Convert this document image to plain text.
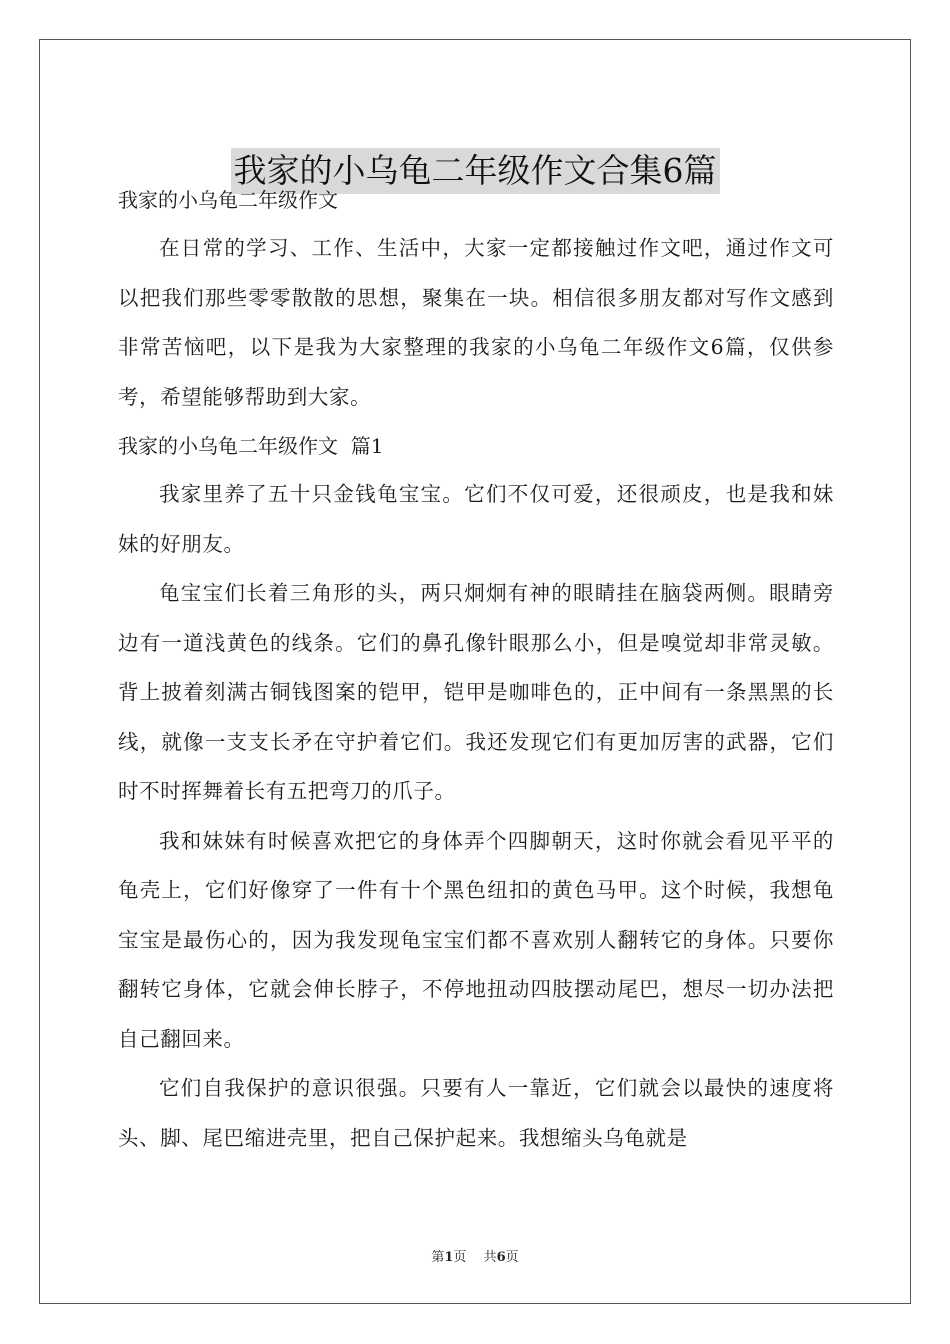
我家的小乌龟二年级作文合集6篇

我家的小乌龟二年级作文

在日常的学习、工作、生活中，大家一定都接触过作文吧，通过作文可以把我们那些零零散散的思想，聚集在一块。相信很多朋友都对写作文感到非常苦恼吧，以下是我为大家整理的我家的小乌龟二年级作文6篇，仅供参考，希望能够帮助到大家。

我家的小乌龟二年级作文  篇1

我家里养了五十只金钱龟宝宝。它们不仅可爱，还很顽皮，也是我和妹妹的好朋友。

龟宝宝们长着三角形的头，两只炯炯有神的眼睛挂在脑袋两侧。眼睛旁边有一道浅黄色的线条。它们的鼻孔像针眼那么小，但是嗅觉却非常灵敏。背上披着刻满古铜钱图案的铠甲，铠甲是咖啡色的，正中间有一条黑黑的长线，就像一支支长矛在守护着它们。我还发现它们有更加厉害的武器，它们时不时挥舞着长有五把弯刀的爪子。

我和妹妹有时候喜欢把它的身体弄个四脚朝天，这时你就会看见平平的龟壳上，它们好像穿了一件有十个黑色纽扣的黄色马甲。这个时候，我想龟宝宝是最伤心的，因为我发现龟宝宝们都不喜欢别人翻转它的身体。只要你翻转它身体，它就会伸长脖子，不停地扭动四肢摆动尾巴，想尽一切办法把自己翻回来。

它们自我保护的意识很强。只要有人一靠近，它们就会以最快的速度将头、脚、尾巴缩进壳里，把自己保护起来。我想缩头乌龟就是

第1页　 共6页
